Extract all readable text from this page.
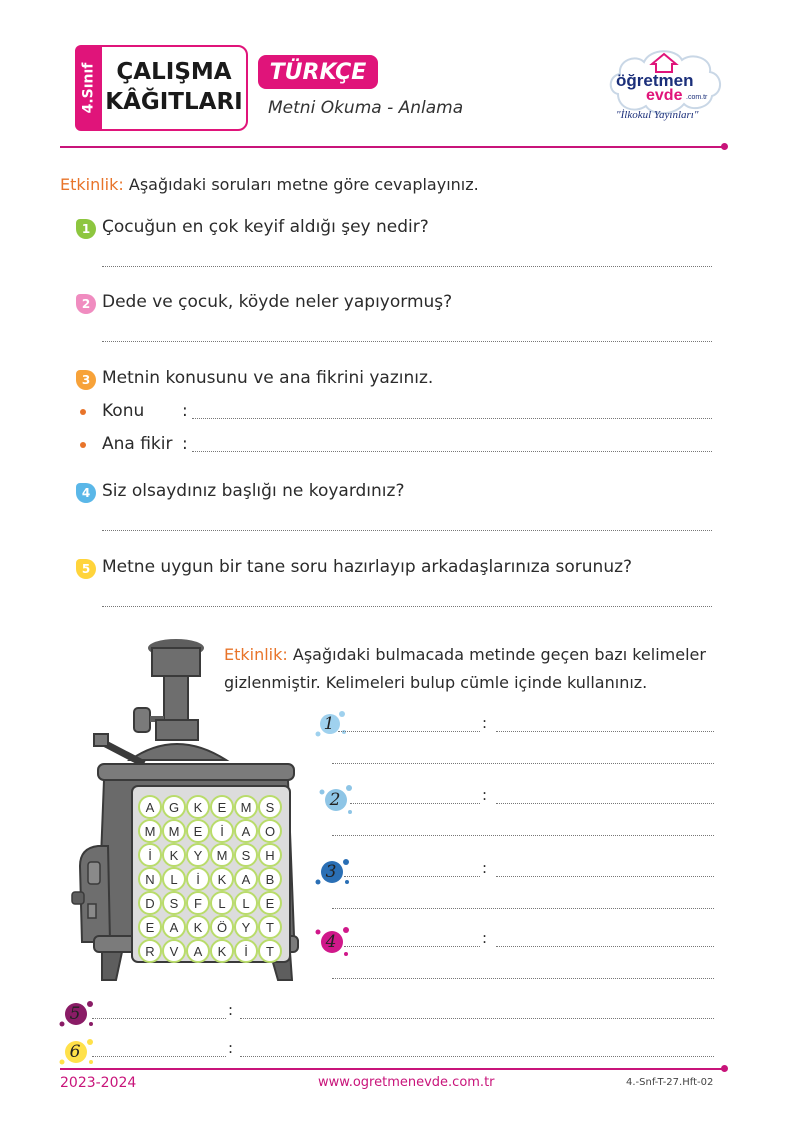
4.Sınıf ÇALIŞMA
KÂĞITLARI
TÜRKÇE
Metni Okuma - Anlama
öğretmen
evde .com.tr
"İlkokul Yayınları"
Etkinlik: Aşağıdaki soruları metne göre cevaplayınız.
1 Çocuğun en çok keyif aldığı şey nedir?
2 Dede ve çocuk, köyde neler yapıyormuş?
3 Metnin konusunu ve ana fikrini yazınız.
Konu :
Ana fikir :
4 Siz olsaydınız başlığı ne koyardınız?
5 Metne uygun bir tane soru hazırlayıp arkadaşlarınıza sorunuz?
Etkinlik: Aşağıdaki bulmacada metinde geçen bazı kelimeler
gizlenmiştir. Kelimeleri bulup cümle içinde kullanınız.
A	G	K	E	M	S
M	M	E	İ	A	O
İ	K	Y	M	S	H
N	L	İ	K	A	B
D	S	F	L	L	E
E	A	K	Ö	Y	T
R	V	A	K	İ	T
1	:
2	:
3	:
4	:
5	:
6	:
2023-2024	www.ogretmenevde.com.tr	4.-Snf-T-27.Hft-02
